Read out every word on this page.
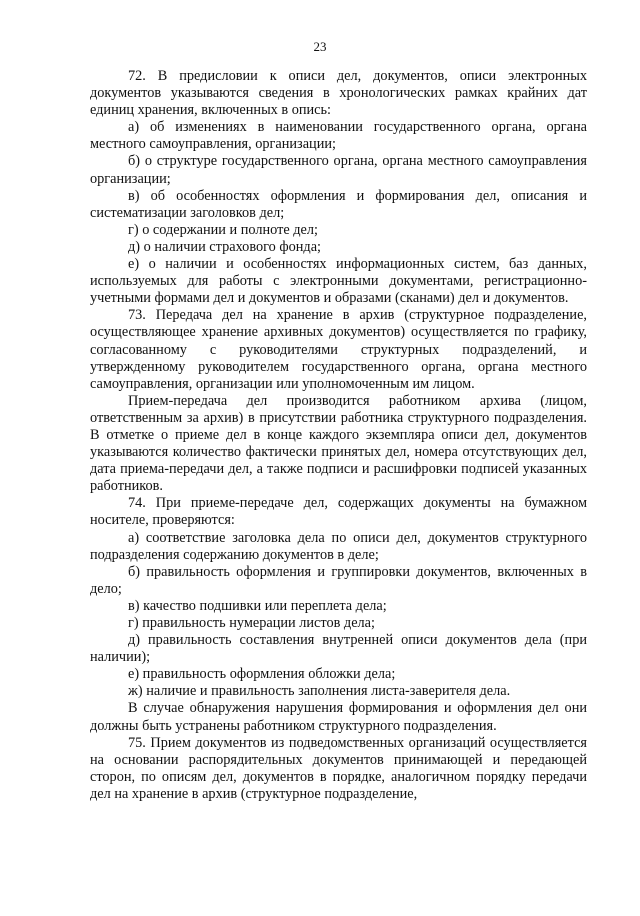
23

72. В предисловии к описи дел, документов, описи электронных документов указываются сведения в хронологических рамках крайних дат единиц хранения, включенных в опись:

а) об изменениях в наименовании государственного органа, органа местного самоуправления, организации;

б) о структуре государственного органа, органа местного самоуправления организации;

в) об особенностях оформления и формирования дел, описания и систематизации заголовков дел;

г) о содержании и полноте дел;

д) о наличии страхового фонда;

е) о наличии и особенностях информационных систем, баз данных, используемых для работы с электронными документами, регистрационно-учетными формами дел и документов и образами (сканами) дел и документов.

73. Передача дел на хранение в архив (структурное подразделение, осуществляющее хранение архивных документов) осуществляется по графику, согласованному с руководителями структурных подразделений, и утвержденному руководителем государственного органа, органа местного самоуправления, организации или уполномоченным им лицом.

Прием-передача дел производится работником архива (лицом, ответственным за архив) в присутствии работника структурного подразделения. В отметке о приеме дел в конце каждого экземпляра описи дел, документов указываются количество фактически принятых дел, номера отсутствующих дел, дата приема-передачи дел, а также подписи и расшифровки подписей указанных работников.

74. При приеме-передаче дел, содержащих документы на бумажном носителе, проверяются:

а) соответствие заголовка дела по описи дел, документов структурного подразделения содержанию документов в деле;

б) правильность оформления и группировки документов, включенных в дело;

в) качество подшивки или переплета дела;

г) правильность нумерации листов дела;

д) правильность составления внутренней описи документов дела (при наличии);

е) правильность оформления обложки дела;

ж) наличие и правильность заполнения листа-заверителя дела.

В случае обнаружения нарушения формирования и оформления дел они должны быть устранены работником структурного подразделения.

75. Прием документов из подведомственных организаций осуществляется на основании распорядительных документов принимающей и передающей сторон, по описям дел, документов в порядке, аналогичном порядку передачи дел на хранение в архив (структурное подразделение,
